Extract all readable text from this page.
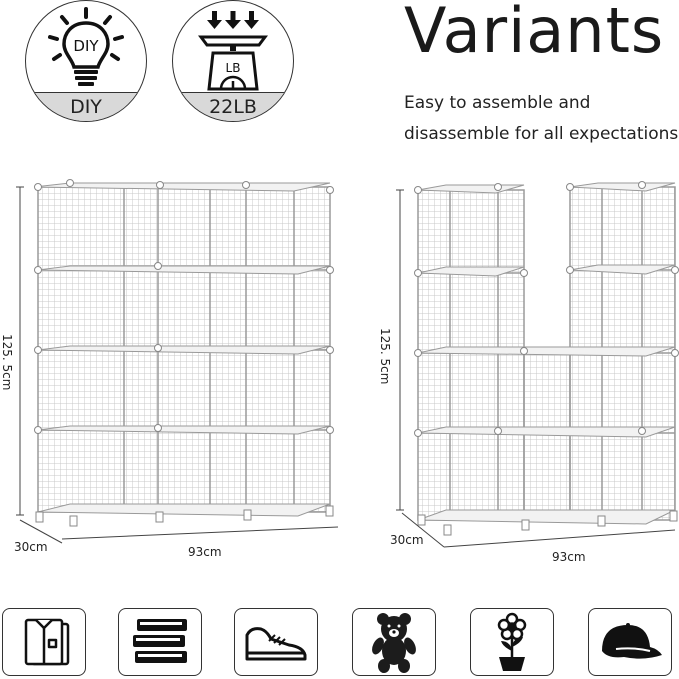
DIY
DIY
LB
22LB
Variants
Easy to assemble and
disassemble for all expectations
125. 5cm
30cm	93cm
125. 5cm
30cm
93cm
